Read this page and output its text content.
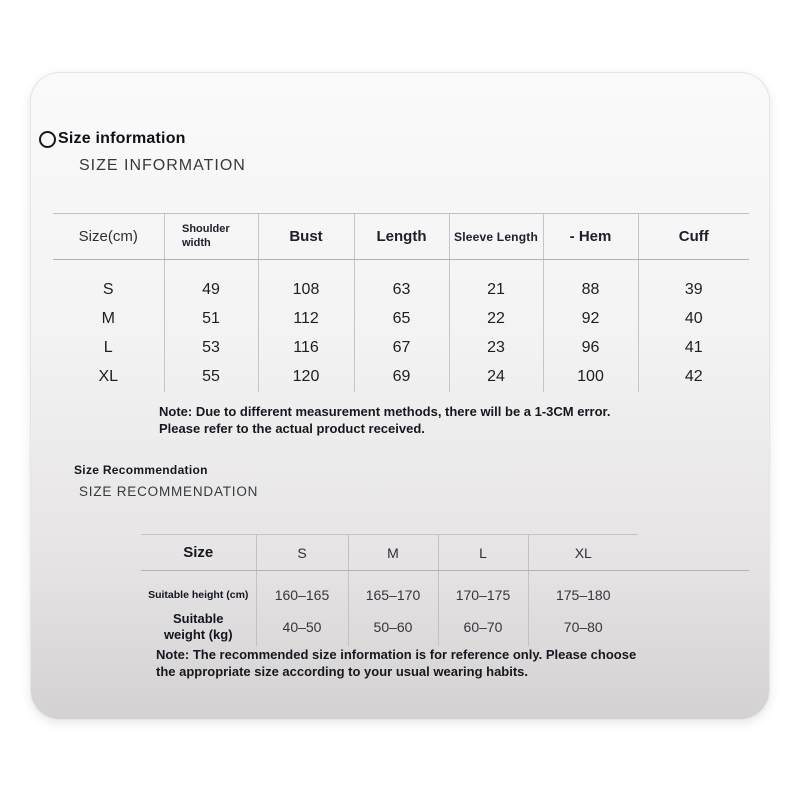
Size information
SIZE INFORMATION
Size(cm)	Shoulder width	Bust	Length	Sleeve Length	- Hem	Cuff
S	49	108	63	21	88	39
M	51	112	65	22	92	40
L	53	116	67	23	96	41
XL	55	120	69	24	100	42
Note: Due to different measurement methods, there will be a 1-3CM error.
Please refer to the actual product received.
Size Recommendation
SIZE RECOMMENDATION
Size	S	M	L	XL	
Suitable height (cm)	160–165	165–170	170–175	175–180	
Suitable weight (kg)	40–50	50–60	60–70	70–80	
Note: The recommended size information is for reference only. Please choose
the appropriate size according to your usual wearing habits.
